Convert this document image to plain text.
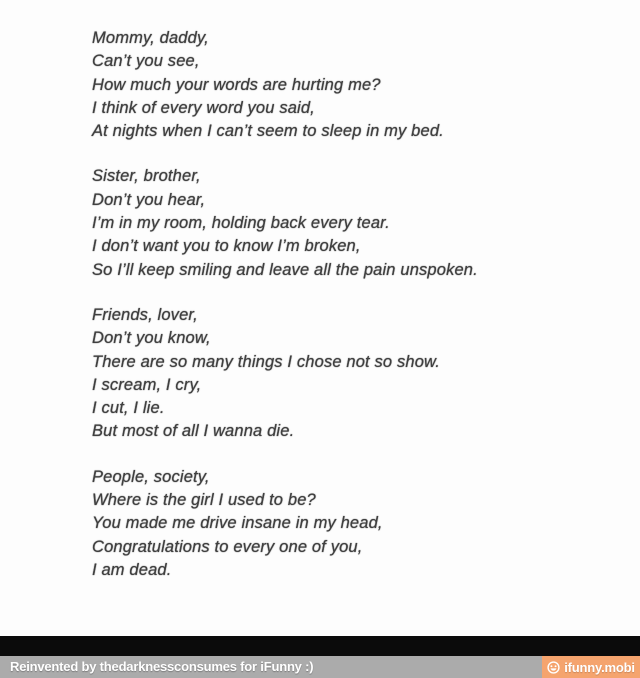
Mommy, daddy,
Can’t you see,
How much your words are hurting me?
I think of every word you said,
At nights when I can’t seem to sleep in my bed.
Sister, brother,
Don’t you hear,
I’m in my room, holding back every tear.
I don’t want you to know I’m broken,
So I’ll keep smiling and leave all the pain unspoken.
Friends, lover,
Don’t you know,
There are so many things I chose not so show.
I scream, I cry,
I cut, I lie.
But most of all I wanna die.
People, society,
Where is the girl I used to be?
You made me drive insane in my head,
Congratulations to every one of you,
I am dead.
Reinvented by thedarknessconsumes for iFunny :)	ifunny.mobi
